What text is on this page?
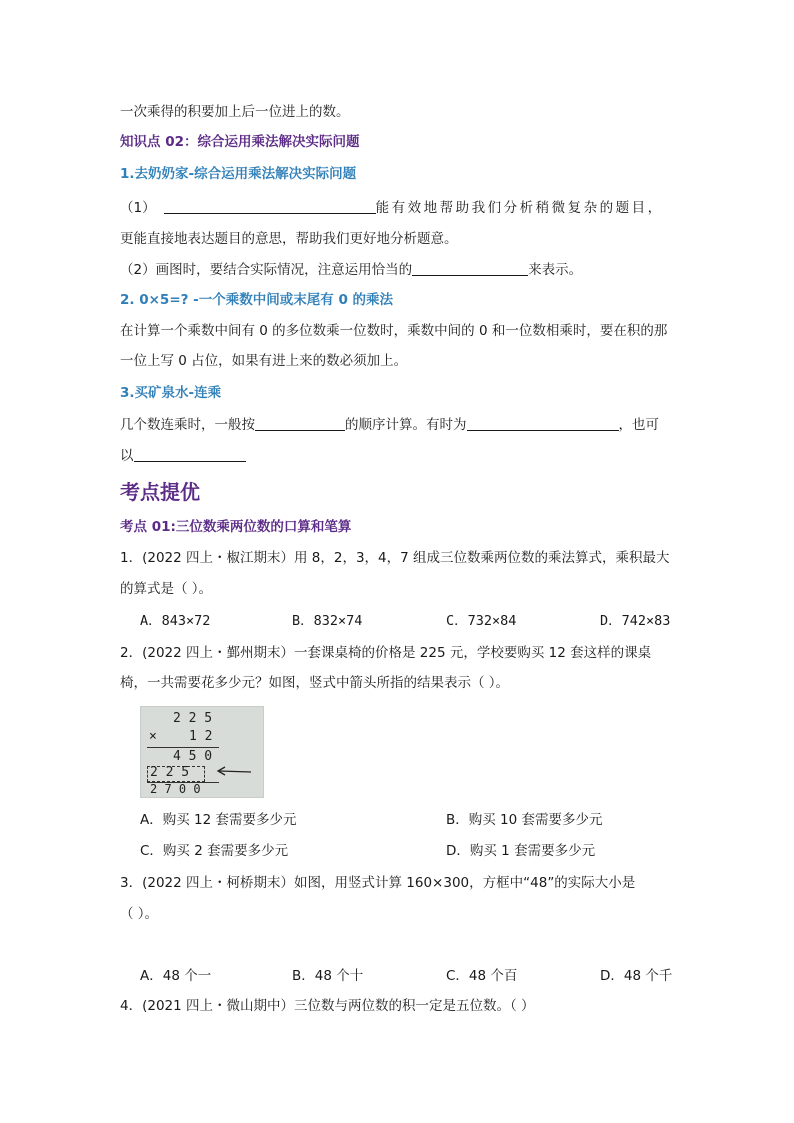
一次乘得的积要加上后一位进上的数。
知识点 02：综合运用乘法解决实际问题
1.去奶奶家-综合运用乘法解决实际问题
（1）	能有效地帮助我们分析稍微复杂的题目，
更能直接地表达题目的意思，帮助我们更好地分析题意。
（2）画图时，要结合实际情况，注意运用恰当的	来表示。
2. 0×5=? -一个乘数中间或末尾有 0 的乘法
在计算一个乘数中间有 0 的多位数乘一位数时，乘数中间的 0 和一位数相乘时，要在积的那
一位上写 0 占位，如果有进上来的数必须加上。
3.买矿泉水-连乘
几个数连乘时，一般按	的顺序计算。有时为	，也可
以
考点提优
考点 01:三位数乘两位数的口算和笔算
1．(2022 四上・椒江期末）用 8，2，3，4，7 组成三位数乘两位数的乘法算式，乘积最大
的算式是（ ）。
A．843×72	B．832×74	C．732×84	D．742×83
2．(2022 四上・鄞州期末）一套课桌椅的价格是 225 元，学校要购买 12 套这样的课桌
椅，一共需要花多少元？如图，竖式中箭头所指的结果表示（ ）。
2 2 5
× 1 2
4 5 0
2 2 5
2 7 0 0
A．购买 12 套需要多少元	B．购买 10 套需要多少元
C．购买 2 套需要多少元	D．购买 1 套需要多少元
3．(2022 四上・柯桥期末）如图，用竖式计算 160×300，方框中“48”的实际大小是
（ ）。
A．48 个一	B．48 个十	C．48 个百	D．48 个千
4．(2021 四上・微山期中）三位数与两位数的积一定是五位数。（ ）
